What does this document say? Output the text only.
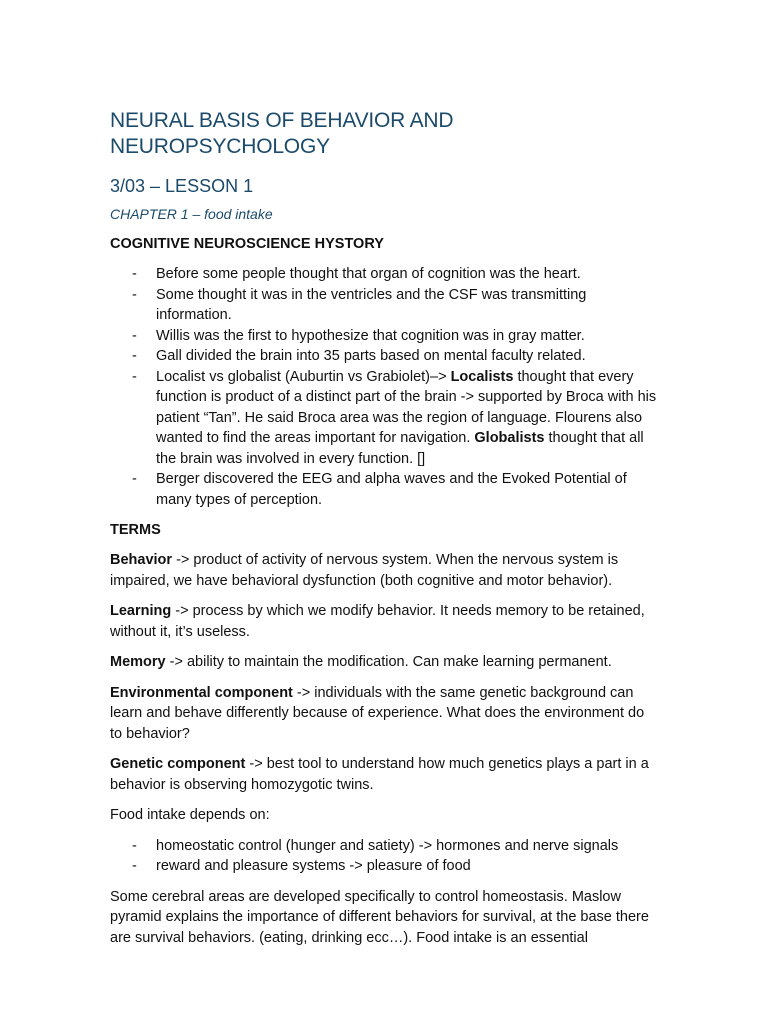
NEURAL BASIS OF BEHAVIOR AND NEUROPSYCHOLOGY
3/03 – LESSON 1
CHAPTER 1 – food intake
COGNITIVE NEUROSCIENCE HYSTORY
- Before some people thought that organ of cognition was the heart.
- Some thought it was in the ventricles and the CSF was transmitting information.
- Willis was the first to hypothesize that cognition was in gray matter.
- Gall divided the brain into 35 parts based on mental faculty related.
- Localist vs globalist (Auburtin vs Grabiolet)–> Localists thought that every function is product of a distinct part of the brain -> supported by Broca with his patient “Tan”. He said Broca area was the region of language. Flourens also wanted to find the areas important for navigation. Globalists thought that all the brain was involved in every function. []
- Berger discovered the EEG and alpha waves and the Evoked Potential of many types of perception.
TERMS

Behavior -> product of activity of nervous system. When the nervous system is impaired, we have behavioral dysfunction (both cognitive and motor behavior).

Learning -> process by which we modify behavior. It needs memory to be retained, without it, it’s useless.

Memory -> ability to maintain the modification. Can make learning permanent.

Environmental component -> individuals with the same genetic background can learn and behave differently because of experience. What does the environment do to behavior?

Genetic component -> best tool to understand how much genetics plays a part in a behavior is observing homozygotic twins.

Food intake depends on:

- homeostatic control (hunger and satiety) -> hormones and nerve signals
- reward and pleasure systems -> pleasure of food

Some cerebral areas are developed specifically to control homeostasis. Maslow pyramid explains the importance of different behaviors for survival, at the base there are survival behaviors. (eating, drinking ecc…). Food intake is an essential
